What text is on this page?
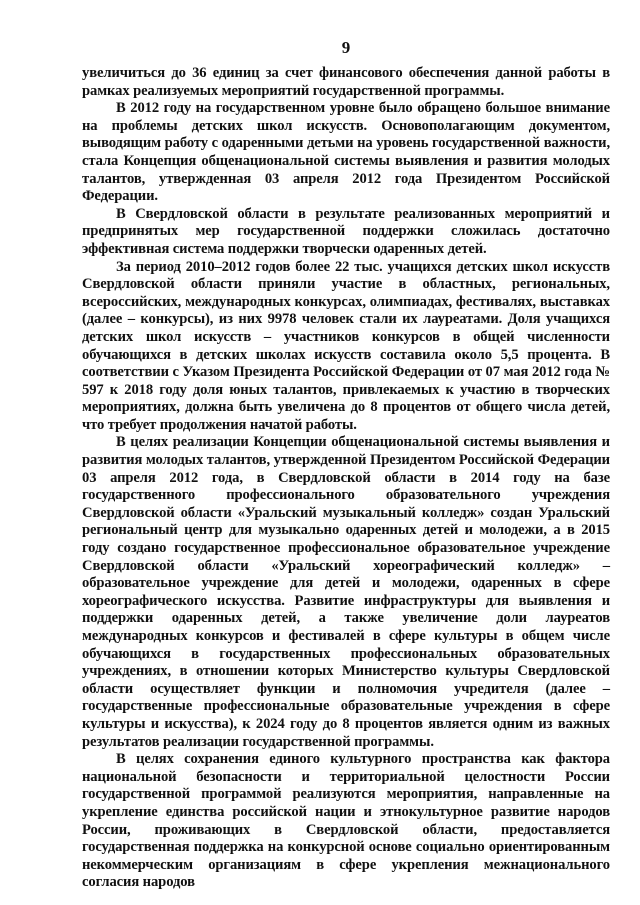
9

увеличиться до 36 единиц за счет финансового обеспечения данной работы в рамках реализуемых мероприятий государственной программы.

В 2012 году на государственном уровне было обращено большое внимание на проблемы детских школ искусств. Основополагающим документом, выводящим работу с одаренными детьми на уровень государственной важности, стала Концепция общенациональной системы выявления и развития молодых талантов, утвержденная 03 апреля 2012 года Президентом Российской Федерации.

В Свердловской области в результате реализованных мероприятий и предпринятых мер государственной поддержки сложилась достаточно эффективная система поддержки творчески одаренных детей.

За период 2010–2012 годов более 22 тыс. учащихся детских школ искусств Свердловской области приняли участие в областных, региональных, всероссийских, международных конкурсах, олимпиадах, фестивалях, выставках (далее – конкурсы), из них 9978 человек стали их лауреатами. Доля учащихся детских школ искусств – участников конкурсов в общей численности обучающихся в детских школах искусств составила около 5,5 процента. В соответствии с Указом Президента Российской Федерации от 07 мая 2012 года № 597 к 2018 году доля юных талантов, привлекаемых к участию в творческих мероприятиях, должна быть увеличена до 8 процентов от общего числа детей, что требует продолжения начатой работы.

В целях реализации Концепции общенациональной системы выявления и развития молодых талантов, утвержденной Президентом Российской Федерации 03 апреля 2012 года, в Свердловской области в 2014 году на базе государственного профессионального образовательного учреждения Свердловской области «Уральский музыкальный колледж» создан Уральский региональный центр для музыкально одаренных детей и молодежи, а в 2015 году создано государственное профессиональное образовательное учреждение Свердловской области «Уральский хореографический колледж» – образовательное учреждение для детей и молодежи, одаренных в сфере хореографического искусства. Развитие инфраструктуры для выявления и поддержки одаренных детей, а также увеличение доли лауреатов международных конкурсов и фестивалей в сфере культуры в общем числе обучающихся в государственных профессиональных образовательных учреждениях, в отношении которых Министерство культуры Свердловской области осуществляет функции и полномочия учредителя (далее – государственные профессиональные образовательные учреждения в сфере культуры и искусства), к 2024 году до 8 процентов является одним из важных результатов реализации государственной программы.

В целях сохранения единого культурного пространства как фактора национальной безопасности и территориальной целостности России государственной программой реализуются мероприятия, направленные на укрепление единства российской нации и этнокультурное развитие народов России, проживающих в Свердловской области, предоставляется государственная поддержка на конкурсной основе социально ориентированным некоммерческим организациям в сфере укрепления межнационального согласия народов
